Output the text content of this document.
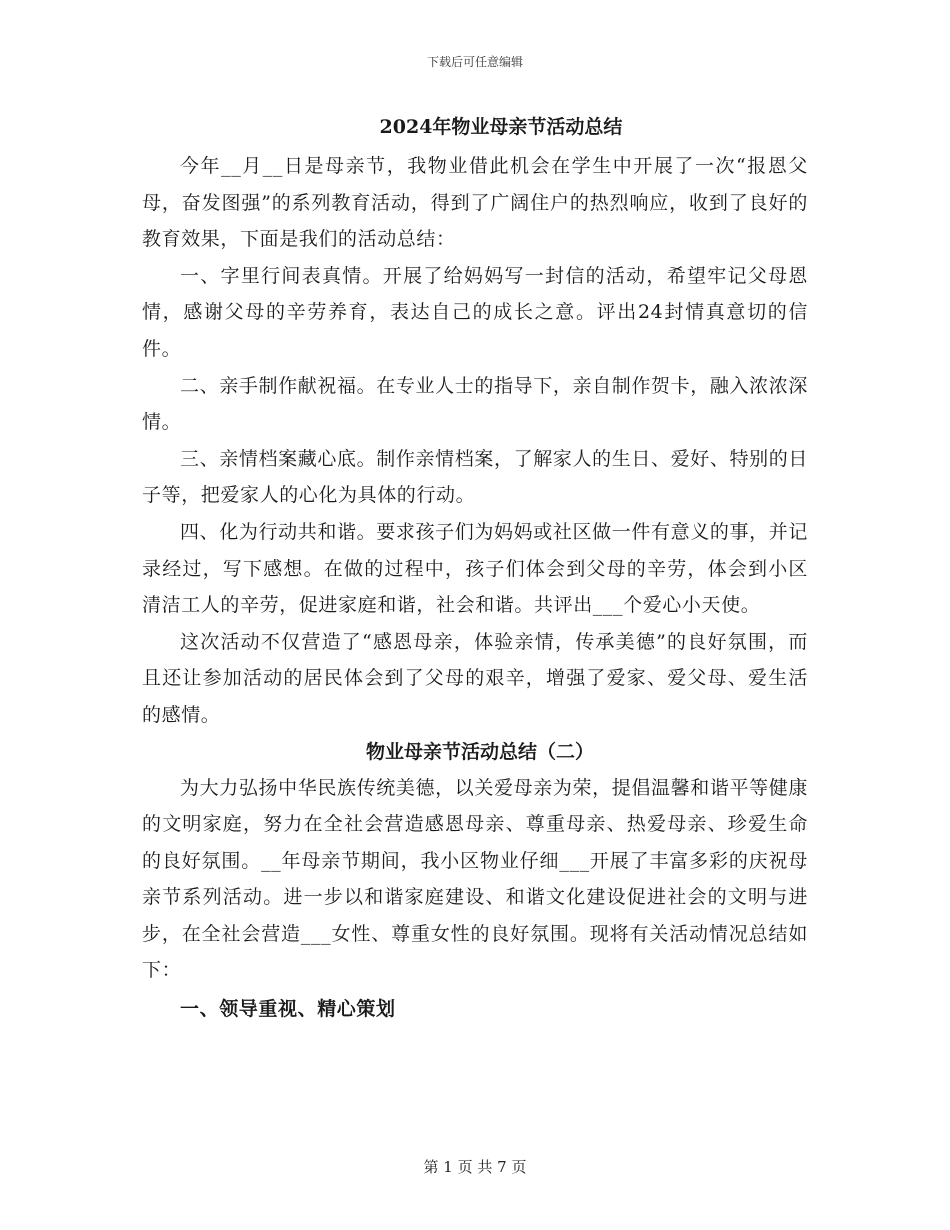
下载后可任意编辑
2024年物业母亲节活动总结

今年__月__日是母亲节，我物业借此机会在学生中开展了一次“报恩父母，奋发图强”的系列教育活动，得到了广阔住户的热烈响应，收到了良好的教育效果，下面是我们的活动总结：

一、字里行间表真情。开展了给妈妈写一封信的活动，希望牢记父母恩情，感谢父母的辛劳养育，表达自己的成长之意。评出24封情真意切的信件。

二、亲手制作献祝福。在专业人士的指导下，亲自制作贺卡，融入浓浓深情。

三、亲情档案藏心底。制作亲情档案，了解家人的生日、爱好、特别的日子等，把爱家人的心化为具体的行动。

四、化为行动共和谐。要求孩子们为妈妈或社区做一件有意义的事，并记录经过，写下感想。在做的过程中，孩子们体会到父母的辛劳，体会到小区清洁工人的辛劳，促进家庭和谐，社会和谐。共评出___个爱心小天使。

这次活动不仅营造了“感恩母亲，体验亲情，传承美德”的良好氛围，而且还让参加活动的居民体会到了父母的艰辛，增强了爱家、爱父母、爱生活的感情。

物业母亲节活动总结（二）

为大力弘扬中华民族传统美德，以关爱母亲为荣，提倡温馨和谐平等健康的文明家庭，努力在全社会营造感恩母亲、尊重母亲、热爱母亲、珍爱生命的良好氛围。__年母亲节期间，我小区物业仔细___开展了丰富多彩的庆祝母亲节系列活动。进一步以和谐家庭建设、和谐文化建设促进社会的文明与进步，在全社会营造___女性、尊重女性的良好氛围。现将有关活动情况总结如下：

一、领导重视、精心策划
第 1 页 共 7 页
